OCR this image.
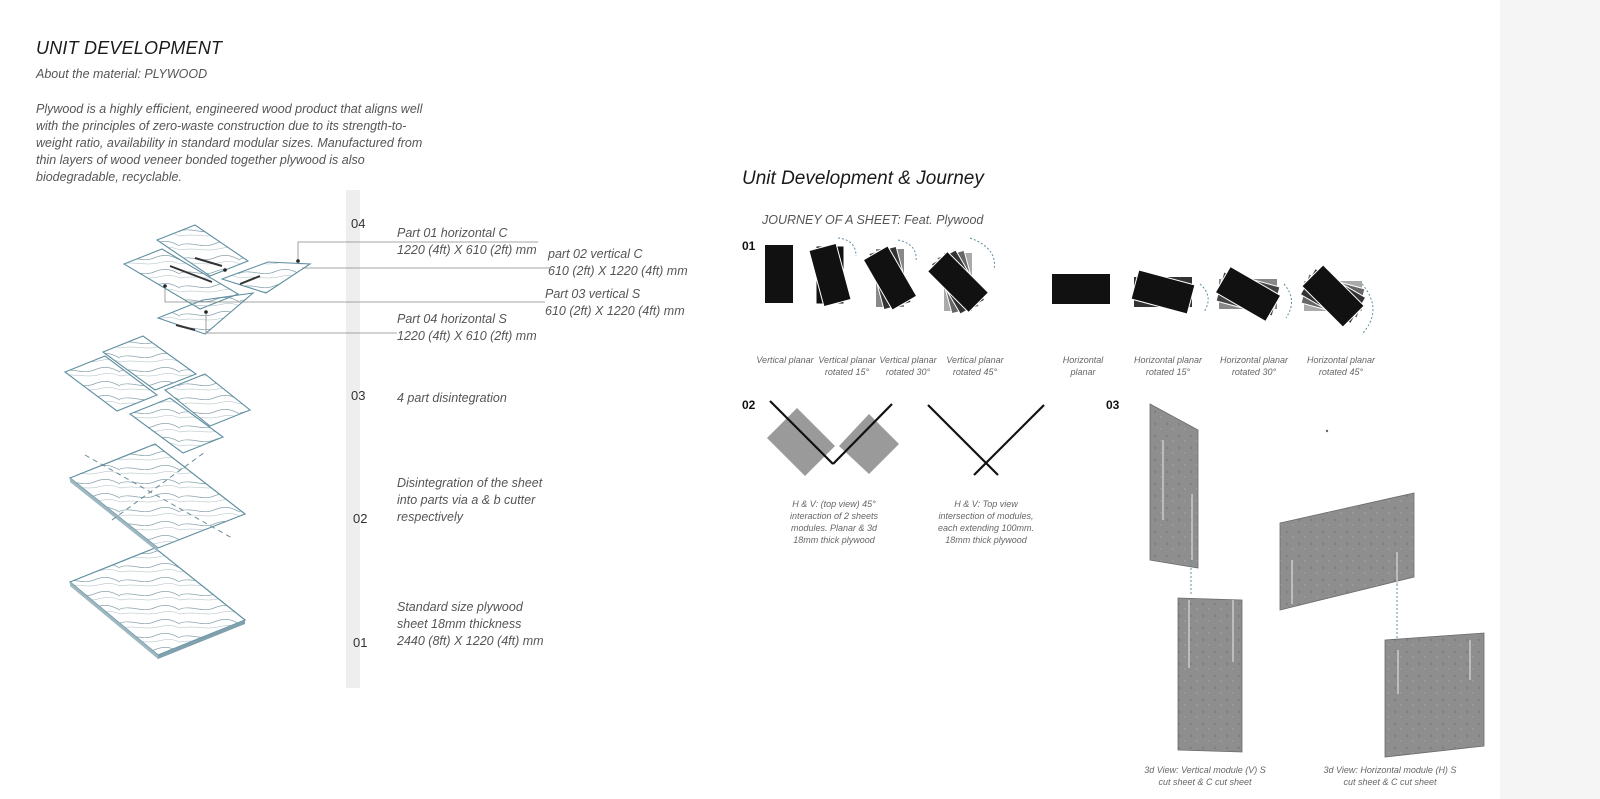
UNIT DEVELOPMENT
About the material: PLYWOOD
Plywood is a highly efficient, engineered wood product that aligns well with the principles of zero-waste construction due to its strength-to-weight ratio, availability in standard modular sizes. Manufactured from thin layers of wood veneer bonded together plywood is also biodegradable, recyclable.
04
03
02
01
4 part disintegration
Disintegration of the sheet into parts via a & b cutter respectively
Standard size plywood sheet 18mm thickness 2440 (8ft) X 1220 (4ft) mm
Part 01 horizontal C
1220 (4ft) X 610 (2ft) mm part 02 vertical C
610 (2ft) X 1220 (4ft) mm
Part 03 vertical S
610 (2ft) X 1220 (4ft) mm
Part 04 horizontal S
1220 (4ft) X 610 (2ft) mm
Unit Development & Journey
JOURNEY OF A SHEET: Feat. Plywood
01
02	03
Vertical planar Vertical planar rotated 15°
Vertical planar rotated 30°
Vertical planar rotated 45°
Horizontal planar
Horizontal planar rotated 15°
Horizontal planar rotated 30°
Horizontal planar rotated 45°
H & V: (top view) 45° interaction of 2 sheets modules. Planar & 3d 18mm thick plywood
H & V: Top view intersection of modules, each extending 100mm. 18mm thick plywood
3d View: Vertical module (V) S cut sheet & C cut sheet
3d View: Horizontal module (H) S cut sheet & C cut sheet
